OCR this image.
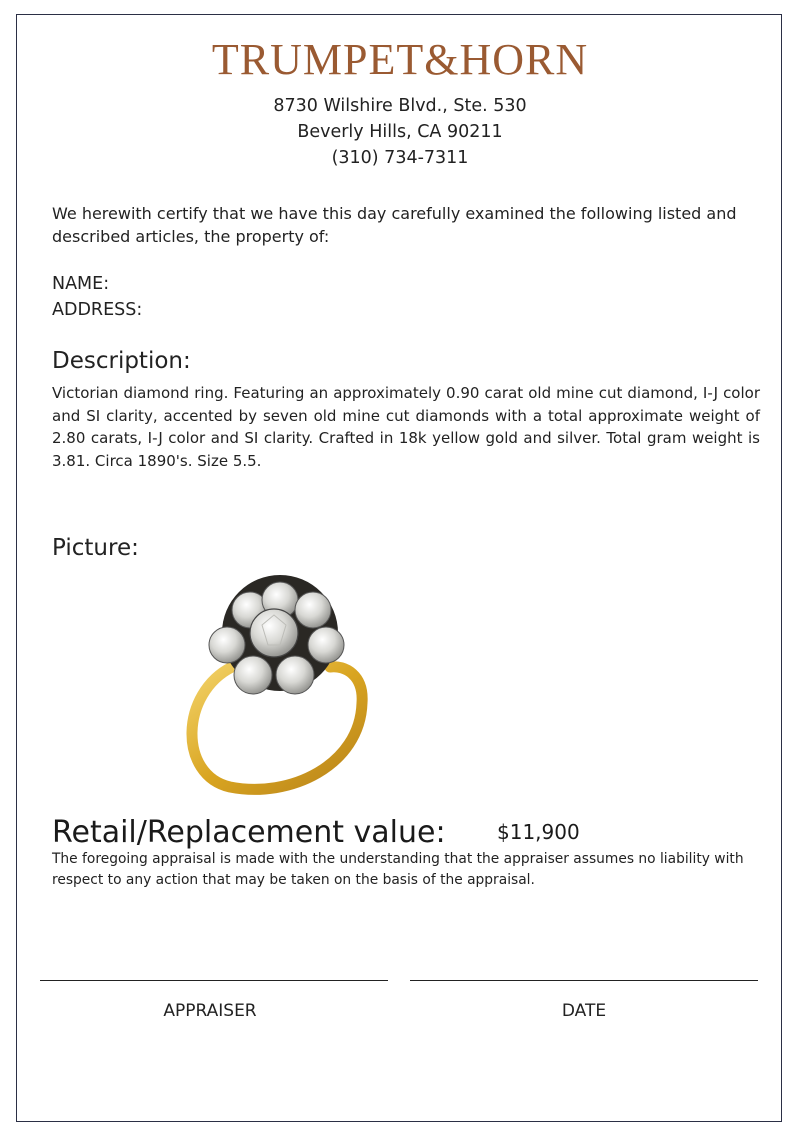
TRUMPET&HORN
8730 Wilshire Blvd., Ste. 530
Beverly Hills, CA 90211
(310) 734-7311
We herewith certify that we have this day carefully examined the following listed and described articles, the property of:
NAME:
ADDRESS:
Description:
Victorian diamond ring. Featuring an approximately 0.90 carat old mine cut diamond, I-J color and SI clarity, accented by seven old mine cut diamonds with a total approximate weight of 2.80 carats, I-J color and SI clarity. Crafted in 18k yellow gold and silver. Total gram weight is 3.81. Circa 1890's. Size 5.5.
Picture:
Retail/Replacement value:	$11,900
The foregoing appraisal is made with the understanding that the appraiser assumes no liability with respect to any action that may be taken on the basis of the appraisal.
APPRAISER	DATE
